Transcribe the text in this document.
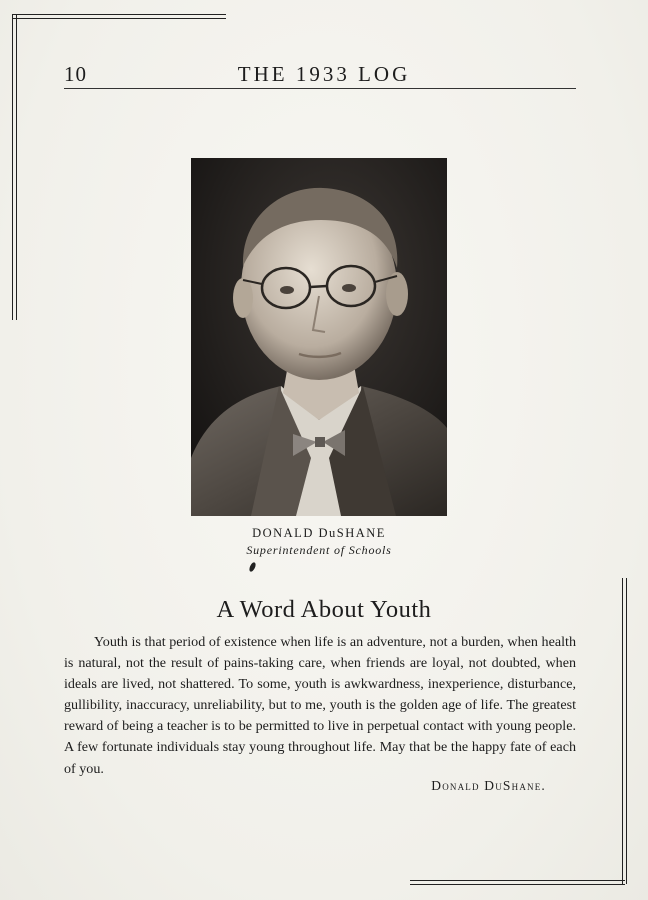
10	THE 1933 LOG
DONALD DuSHANE
Superintendent of Schools
A Word About Youth

Youth is that period of existence when life is an adventure, not a burden, when health is natural, not the result of pains-taking care, when friends are loyal, not doubted, when ideals are lived, not shattered. To some, youth is awkwardness, inexperience, disturbance, gullibility, inaccuracy, unreliability, but to me, youth is the golden age of life. The greatest reward of being a teacher is to be permitted to live in perpetual contact with young people. A few fortunate individuals stay young throughout life. May that be the happy fate of each of you.

Donald DuShane.
